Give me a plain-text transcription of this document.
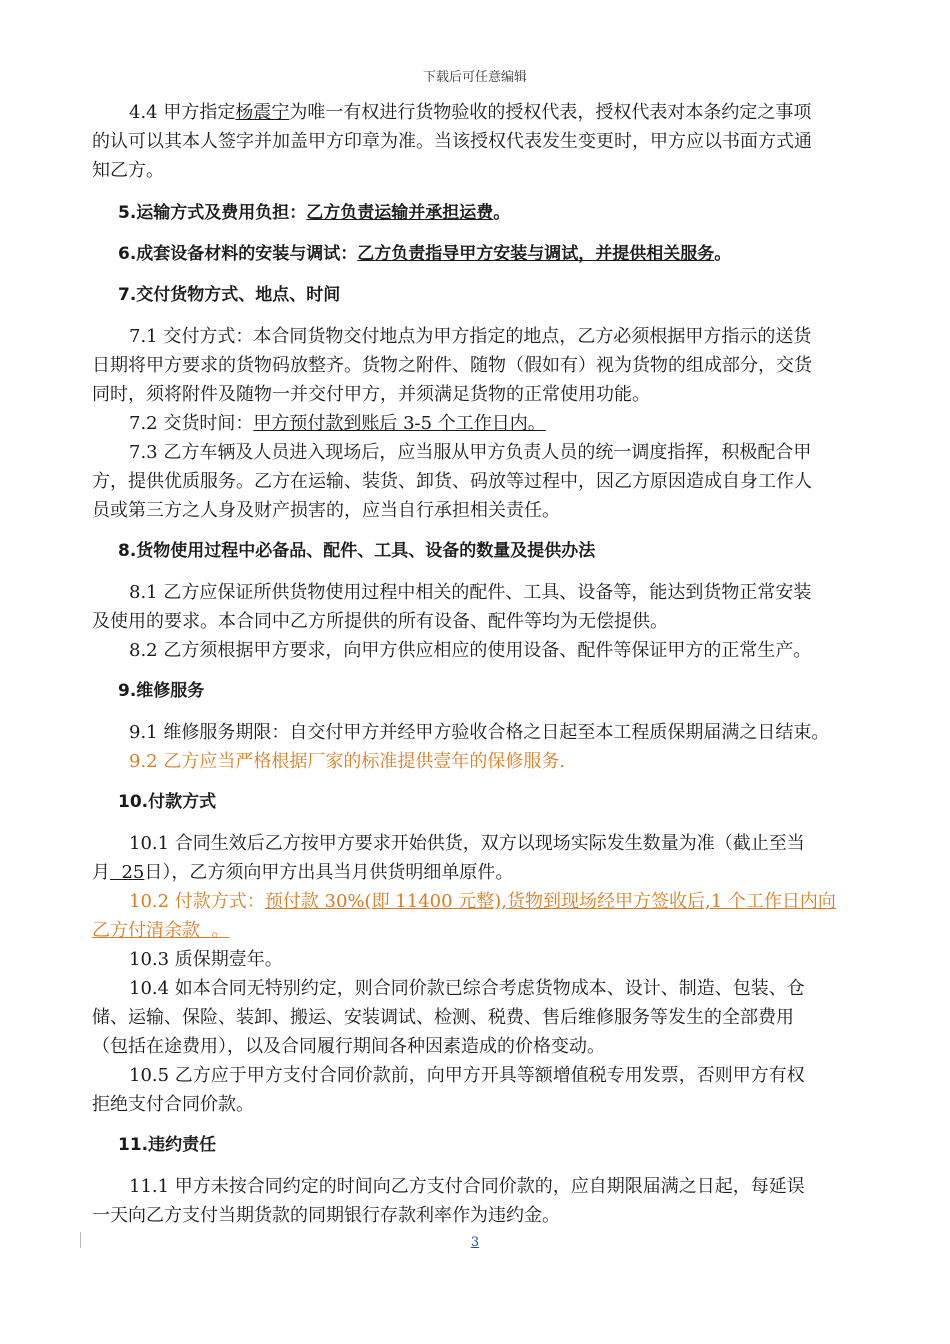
下载后可任意编辑

4.4 甲方指定杨震宁为唯一有权进行货物验收的授权代表，授权代表对本条约定之事项

的认可以其本人签字并加盖甲方印章为准。当该授权代表发生变更时，甲方应以书面方式通

知乙方。

5.运输方式及费用负担：乙方负责运输并承担运费。

6.成套设备材料的安装与调试：乙方负责指导甲方安装与调试，并提供相关服务。

7.交付货物方式、地点、时间

7.1 交付方式：本合同货物交付地点为甲方指定的地点，乙方必须根据甲方指示的送货

日期将甲方要求的货物码放整齐。货物之附件、随物（假如有）视为货物的组成部分，交货

同时，须将附件及随物一并交付甲方，并须满足货物的正常使用功能。

7.2 交货时间：甲方预付款到账后 3-5 个工作日内。

7.3 乙方车辆及人员进入现场后，应当服从甲方负责人员的统一调度指挥，积极配合甲

方，提供优质服务。乙方在运输、装货、卸货、码放等过程中，因乙方原因造成自身工作人

员或第三方之人身及财产损害的，应当自行承担相关责任。

8.货物使用过程中必备品、配件、工具、设备的数量及提供办法

8.1 乙方应保证所供货物使用过程中相关的配件、工具、设备等，能达到货物正常安装

及使用的要求。本合同中乙方所提供的所有设备、配件等均为无偿提供。

8.2 乙方须根据甲方要求，向甲方供应相应的使用设备、配件等保证甲方的正常生产。

9.维修服务

9.1 维修服务期限：自交付甲方并经甲方验收合格之日起至本工程质保期届满之日结束。

9.2 乙方应当严格根据厂家的标准提供壹年的保修服务.

10.付款方式

10.1 合同生效后乙方按甲方要求开始供货，双方以现场实际发生数量为准（截止至当

月  25日），乙方须向甲方出具当月供货明细单原件。

10.2 付款方式：预付款 30%(即 11400 元整),货物到现场经甲方签收后,1 个工作日内向

乙方付清余款  。

10.3 质保期壹年。

10.4 如本合同无特别约定，则合同价款已综合考虑货物成本、设计、制造、包装、仓

储、运输、保险、装卸、搬运、安装调试、检测、税费、售后维修服务等发生的全部费用

（包括在途费用），以及合同履行期间各种因素造成的价格变动。

10.5 乙方应于甲方支付合同价款前，向甲方开具等额增值税专用发票，否则甲方有权

拒绝支付合同价款。

11.违约责任

11.1 甲方未按合同约定的时间向乙方支付合同价款的，应自期限届满之日起，每延误

一天向乙方支付当期货款的同期银行存款利率作为违约金。

3
